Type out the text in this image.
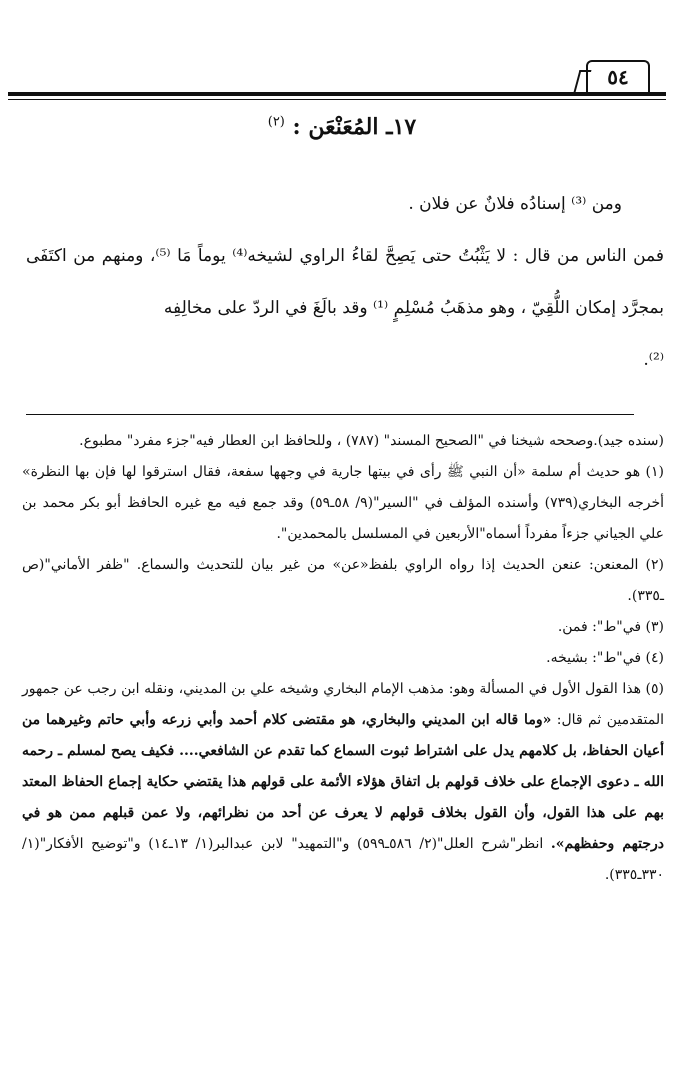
٥٤
١٧ـ المُعَنْعَن : $^{(٢)}$

ومن ⁽³⁾ إسنادُه فلانٌ عن فلان .

فمن الناس من قال : لا يَثْبُتُ حتى يَصِحَّ لقاءُ الراوي لشيخه⁽⁴⁾ يوماً مَا ⁽⁵⁾، ومنهم من اكتَفَى بمجرَّد إمكان اللُّقِيّ ، وهو مذهَبُ مُسْلِمٍ ⁽¹⁾ وقد بالَغَ في الردّ على مخالِفِه

⁽²⁾.

(سنده جيد).وصححه شيخنا في "الصحيح المسند" (٧٨٧) ، وللحافظ ابن العطار فيه"جزء مفرد" مطبوع.

(١) هو حديث أم سلمة «أن النبي ﷺ رأى في بيتها جارية في وجهها سفعة، فقال استرقوا لها فإن بها النظرة» أخرجه البخاري(٧٣٩) وأسنده المؤلف في "السير"(٩/ ٥٨ـ٥٩) وقد جمع فيه مع غيره الحافظ أبو بكر محمد بن علي الجياني جزءاً مفرداً أسماه"الأربعين في المسلسل بالمحمدين".

(٢) المعنعن: عنعن الحديث إذا رواه الراوي بلفظ«عن» من غير بيان للتحديث والسماع. "ظفر الأماني"(ص ـ٣٣٥).

(٣) في"ط": فمن.

(٤) في"ط": بشيخه.

(٥) هذا القول الأول في المسألة وهو: مذهب الإمام البخاري وشيخه علي بن المديني، ونقله ابن رجب عن جمهور المتقدمين ثم قال: «وما قاله ابن المديني والبخاري، هو مقتضى كلام أحمد وأبي زرعه وأبي حاتم وغيرهما من أعيان الحفاظ، بل كلامهم يدل على اشتراط ثبوت السماع كما تقدم عن الشافعي.... فكيف يصح لمسلم ـ رحمه الله ـ دعوى الإجماع على خلاف قولهم بل اتفاق هؤلاء الأئمة على قولهم هذا يقتضي حكاية إجماع الحفاظ المعتد بهم على هذا القول، وأن القول بخلاف قولهم لا يعرف عن أحد من نظرائهم، ولا عمن قبلهم ممن هو في درجتهم وحفظهم». انظر"شرح العلل"(٢/ ٥٨٦ـ٥٩٩) و"التمهيد" لابن عبدالبر(١/ ١٣ـ١٤) و"توضيح الأفكار"(١/ ٣٣٠ـ٣٣٥).
